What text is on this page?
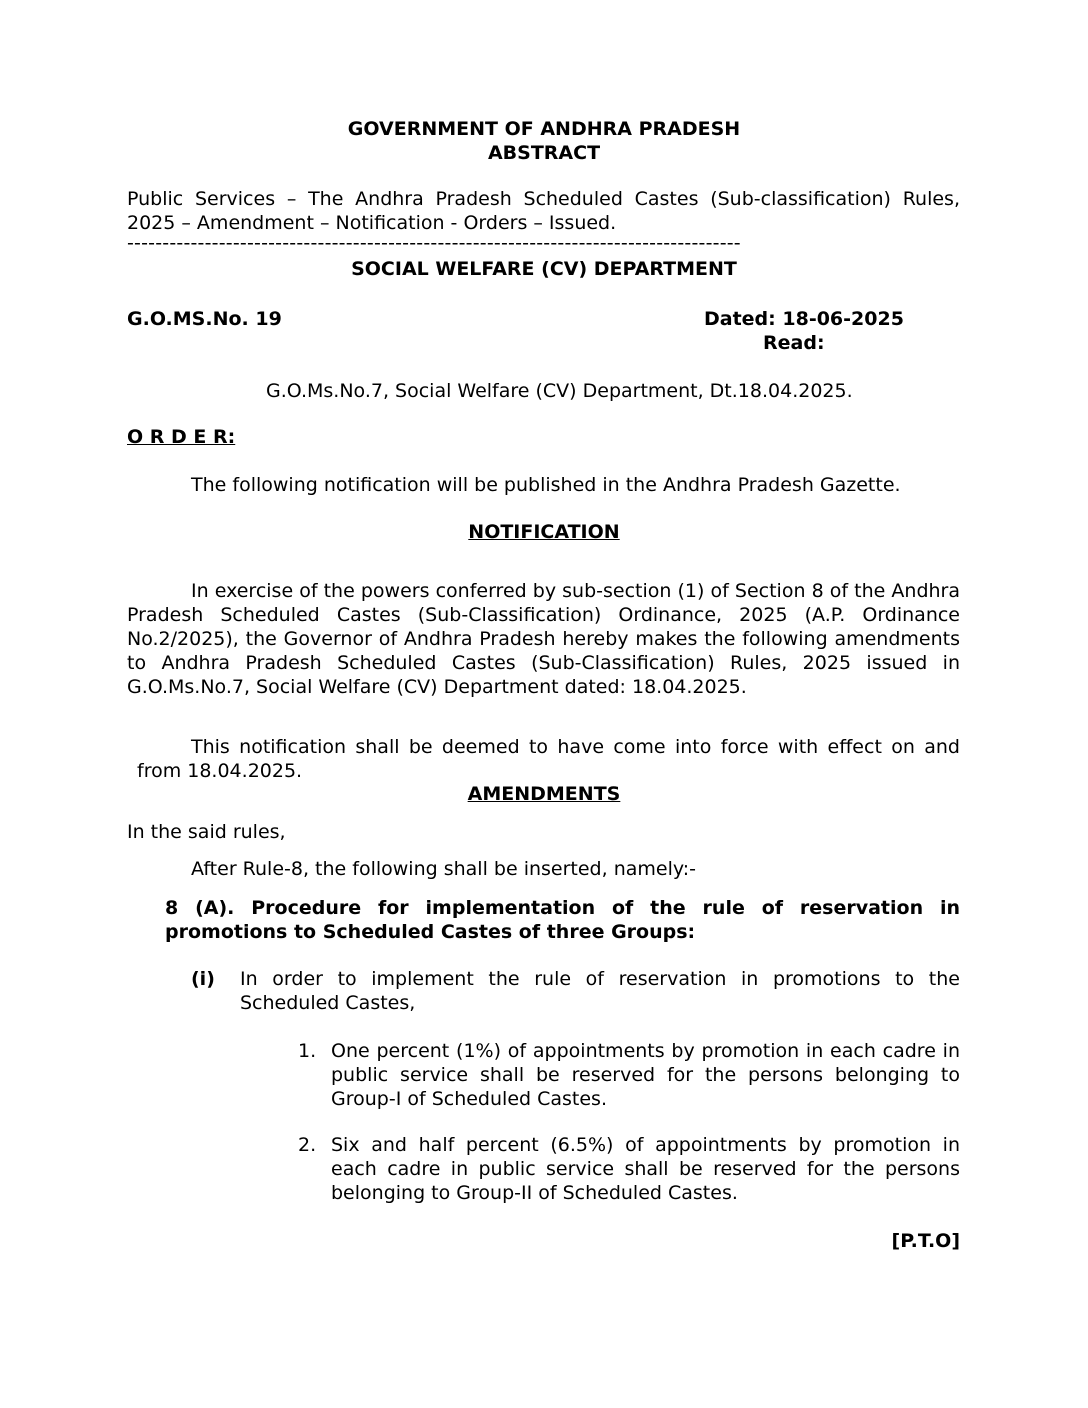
GOVERNMENT OF ANDHRA PRADESH
ABSTRACT
Public Services – The Andhra Pradesh Scheduled Castes (Sub-classification) Rules, 2025 – Amendment – Notification - Orders – Issued.
---------------------------------------------------------------------------------------
SOCIAL WELFARE (CV) DEPARTMENT
G.O.MS.No. 19	Dated: 18-06-2025
Read:
G.O.Ms.No.7, Social Welfare (CV) Department, Dt.18.04.2025.
O R D E R:
The following notification will be published in the Andhra Pradesh Gazette.
NOTIFICATION
In exercise of the powers conferred by sub-section (1) of Section 8 of the Andhra Pradesh Scheduled Castes (Sub-Classification) Ordinance, 2025 (A.P. Ordinance No.2/2025), the Governor of Andhra Pradesh hereby makes the following amendments to Andhra Pradesh Scheduled Castes (Sub-Classification) Rules, 2025 issued in G.O.Ms.No.7, Social Welfare (CV) Department dated: 18.04.2025.
This notification shall be deemed to have come into force with effect on and
from 18.04.2025.
AMENDMENTS
In the said rules,
After Rule-8, the following shall be inserted, namely:-
8 (A). Procedure for implementation of the rule of reservation in promotions to Scheduled Castes of three Groups:
(i) In order to implement the rule of reservation in promotions to the Scheduled Castes,
1. One percent (1%) of appointments by promotion in each cadre in public service shall be reserved for the persons belonging to Group-I of Scheduled Castes.
2. Six and half percent (6.5%) of appointments by promotion in each cadre in public service shall be reserved for the persons belonging to Group-II of Scheduled Castes.
[P.T.O]
